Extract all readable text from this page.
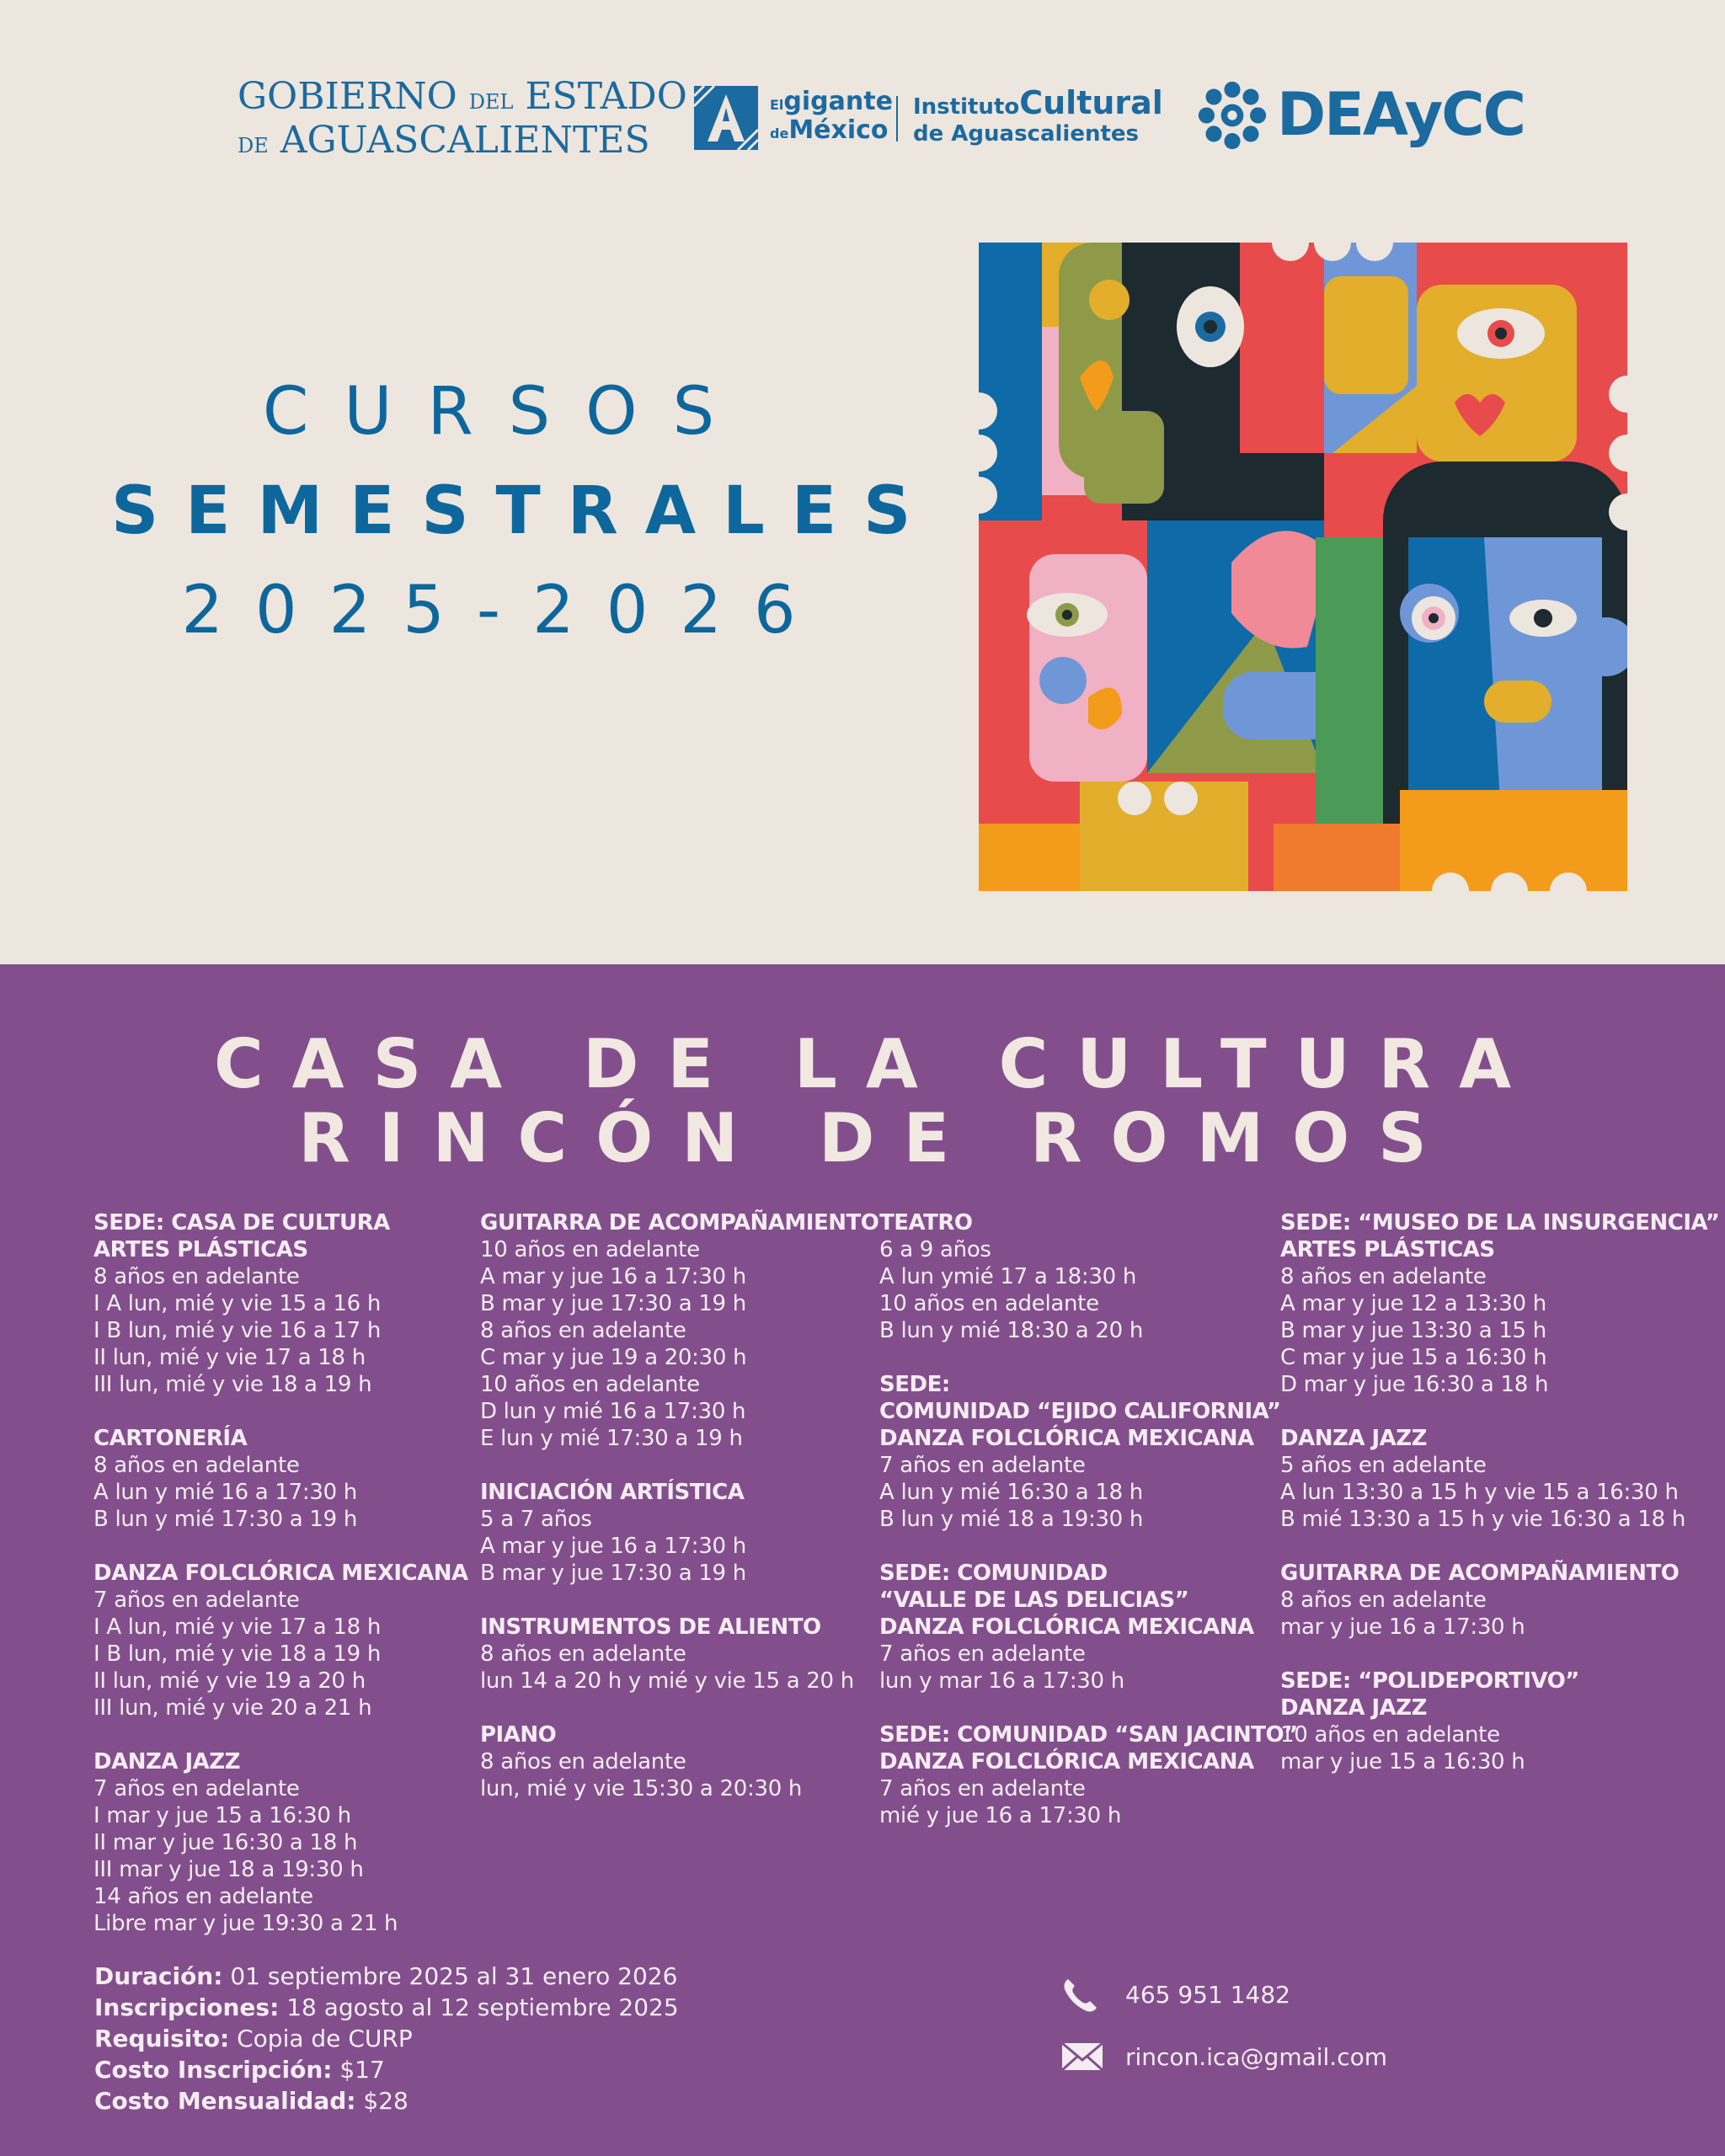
GOBIERNO DEL ESTADO
DE AGUASCALIENTES
Elgigante
deMéxico
InstitutoCultural
de Aguascalientes	DEAyCC
CURSOS
SEMESTRALES
2025-2026
CASA DE LA CULTURA
RINCÓN DE ROMOS
SEDE: CASA DE CULTURA
ARTES PLÁSTICAS
8 años en adelante
I A lun, mié y vie 15 a 16 h
I B lun, mié y vie 16 a 17 h
II lun, mié y vie 17 a 18 h
III lun, mié y vie 18 a 19 h
CARTONERÍA
8 años en adelante
A lun y mié 16 a 17:30 h
B lun y mié 17:30 a 19 h
DANZA FOLCLÓRICA MEXICANA
7 años en adelante
I A lun, mié y vie 17 a 18 h
I B lun, mié y vie 18 a 19 h
II lun, mié y vie 19 a 20 h
III lun, mié y vie 20 a 21 h
DANZA JAZZ
7 años en adelante
I mar y jue 15 a 16:30 h
II mar y jue 16:30 a 18 h
III mar y jue 18 a 19:30 h
14 años en adelante
Libre mar y jue 19:30 a 21 h
GUITARRA DE ACOMPAÑAMIENTO
10 años en adelante
A mar y jue 16 a 17:30 h
B mar y jue 17:30 a 19 h
8 años en adelante
C mar y jue 19 a 20:30 h
10 años en adelante
D lun y mié 16 a 17:30 h
E lun y mié 17:30 a 19 h
INICIACIÓN ARTÍSTICA
5 a 7 años
A mar y jue 16 a 17:30 h
B mar y jue 17:30 a 19 h
INSTRUMENTOS DE ALIENTO
8 años en adelante
lun 14 a 20 h y mié y vie 15 a 20 h
PIANO
8 años en adelante
lun, mié y vie 15:30 a 20:30 h
TEATRO
6 a 9 años
A lun ymié 17 a 18:30 h
10 años en adelante
B lun y mié 18:30 a 20 h
SEDE:
COMUNIDAD “EJIDO CALIFORNIA”
DANZA FOLCLÓRICA MEXICANA
7 años en adelante
A lun y mié 16:30 a 18 h
B lun y mié 18 a 19:30 h
SEDE: COMUNIDAD
“VALLE DE LAS DELICIAS”
DANZA FOLCLÓRICA MEXICANA
7 años en adelante
lun y mar 16 a 17:30 h
SEDE: COMUNIDAD “SAN JACINTO”
DANZA FOLCLÓRICA MEXICANA
7 años en adelante
mié y jue 16 a 17:30 h
SEDE: “MUSEO DE LA INSURGENCIA”
ARTES PLÁSTICAS
8 años en adelante
A mar y jue 12 a 13:30 h
B mar y jue 13:30 a 15 h
C mar y jue 15 a 16:30 h
D mar y jue 16:30 a 18 h
DANZA JAZZ
5 años en adelante
A lun 13:30 a 15 h y vie 15 a 16:30 h
B mié 13:30 a 15 h y vie 16:30 a 18 h
GUITARRA DE ACOMPAÑAMIENTO
8 años en adelante
mar y jue 16 a 17:30 h
SEDE: “POLIDEPORTIVO”
DANZA JAZZ
10 años en adelante
mar y jue 15 a 16:30 h
Duración: 01 septiembre 2025 al 31 enero 2026
Inscripciones: 18 agosto al 12 septiembre 2025
Requisito: Copia de CURP
Costo Inscripción: $17
Costo Mensualidad: $28
465 951 1482
rincon.ica@gmail.com
